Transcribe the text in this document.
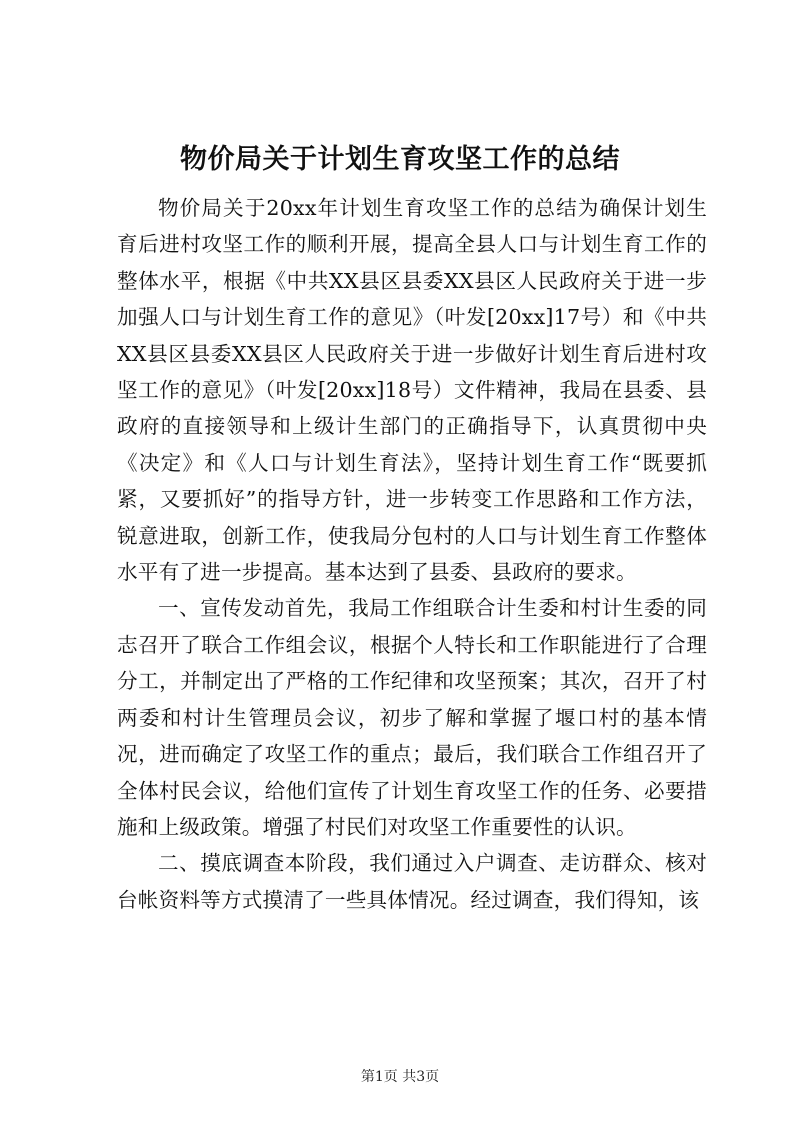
物价局关于计划生育攻坚工作的总结

物价局关于20xx年计划生育攻坚工作的总结为确保计划生育后进村攻坚工作的顺利开展，提高全县人口与计划生育工作的整体水平，根据《中共XX县区县委XX县区人民政府关于进一步加强人口与计划生育工作的意见》（叶发[20xx]17号）和《中共XX县区县委XX县区人民政府关于进一步做好计划生育后进村攻坚工作的意见》（叶发[20xx]18号）文件精神，我局在县委、县政府的直接领导和上级计生部门的正确指导下，认真贯彻中央《决定》和《人口与计划生育法》，坚持计划生育工作“既要抓紧，又要抓好”的指导方针，进一步转变工作思路和工作方法，锐意进取，创新工作，使我局分包村的人口与计划生育工作整体水平有了进一步提高。基本达到了县委、县政府的要求。

一、宣传发动首先，我局工作组联合计生委和村计生委的同志召开了联合工作组会议，根据个人特长和工作职能进行了合理分工，并制定出了严格的工作纪律和攻坚预案；其次，召开了村两委和村计生管理员会议，初步了解和掌握了堰口村的基本情况，进而确定了攻坚工作的重点；最后，我们联合工作组召开了全体村民会议，给他们宣传了计划生育攻坚工作的任务、必要措施和上级政策。增强了村民们对攻坚工作重要性的认识。

二、摸底调查本阶段，我们通过入户调查、走访群众、核对台帐资料等方式摸清了一些具体情况。经过调查，我们得知，该

第1页 共3页
